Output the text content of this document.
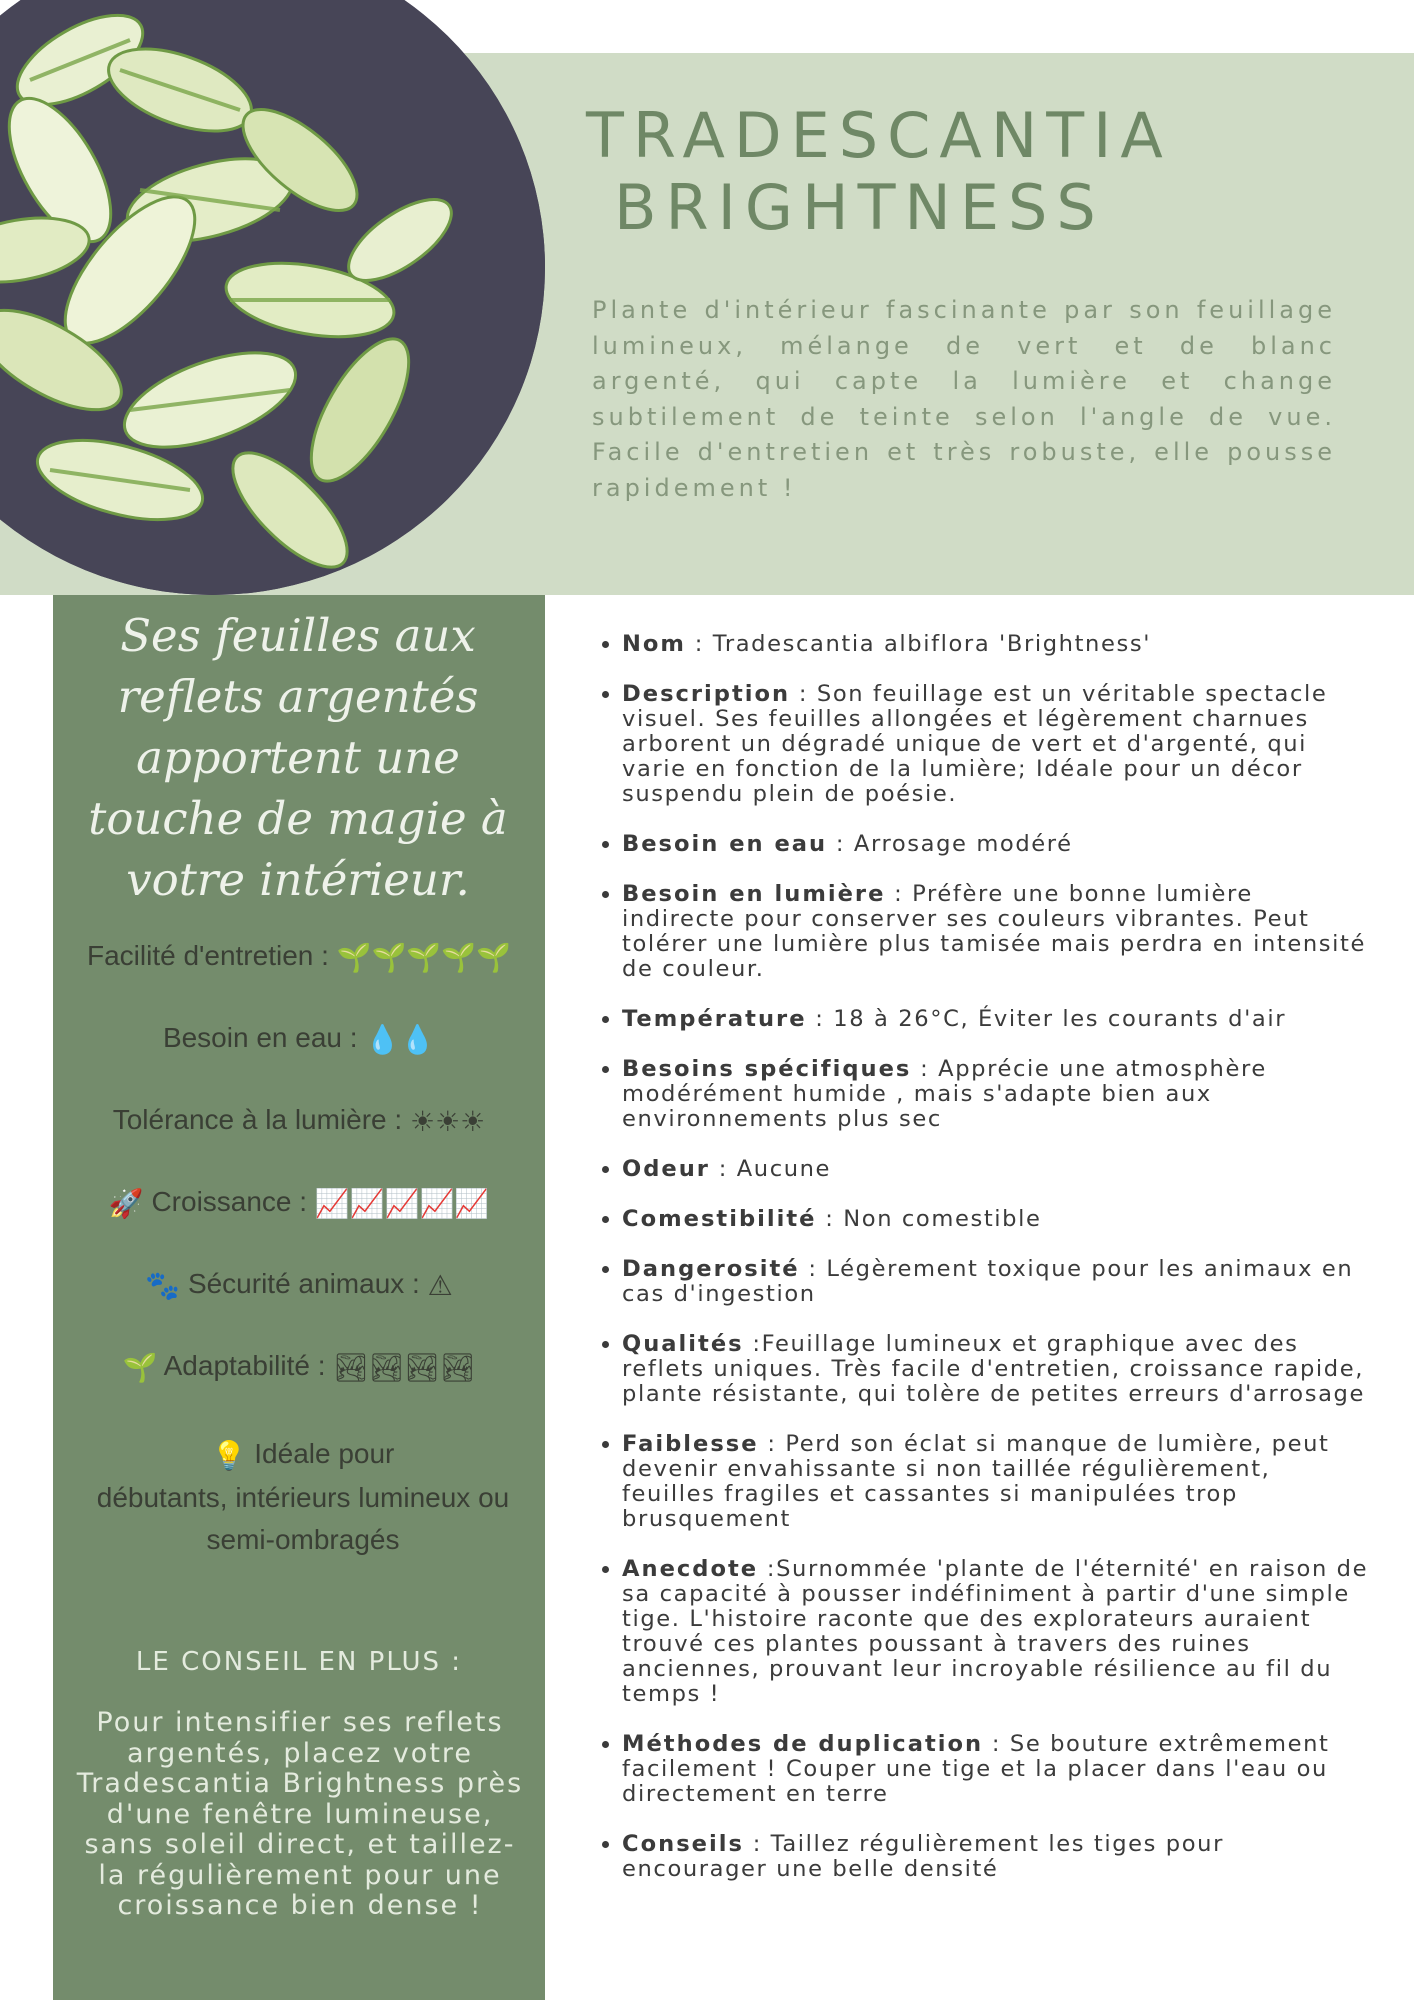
TRADESCANTIA
BRIGHTNESS
Plante d'intérieur fascinante par son feuillage lumineux, mélange de vert et de blanc argenté, qui capte la lumière et change subtilement de teinte selon l'angle de vue. Facile d'entretien et très robuste, elle pousse rapidement !
Ses feuilles aux reflets argentés apportent une touche de magie à votre intérieur.
Facilité d'entretien : 🌱🌱🌱🌱🌱
Besoin en eau : 💧💧
Tolérance à la lumière : ☀☀☀
🚀 Croissance : 📈📈📈📈📈
🐾 Sécurité animaux : ⚠
🌱 Adaptabilité : 🏞🏞🏞🏞
💡 Idéale pour
débutants, intérieurs lumineux ou
semi-ombragés
LE CONSEIL EN PLUS :
Pour intensifier ses reflets argentés, placez votre Tradescantia Brightness près d'une fenêtre lumineuse, sans soleil direct, et taillez-la régulièrement pour une croissance bien dense !
• Nom : Tradescantia albiflora 'Brightness'
• Description : Son feuillage est un véritable spectacle visuel. Ses feuilles allongées et légèrement charnues arborent un dégradé unique de vert et d'argenté, qui varie en fonction de la lumière; Idéale pour un décor suspendu plein de poésie.
• Besoin en eau : Arrosage modéré
• Besoin en lumière : Préfère une bonne lumière indirecte pour conserver ses couleurs vibrantes. Peut tolérer une lumière plus tamisée mais perdra en intensité de couleur.
• Température : 18 à 26°C, Éviter les courants d'air
• Besoins spécifiques : Apprécie une atmosphère modérément humide , mais s'adapte bien aux environnements plus sec
• Odeur : Aucune
• Comestibilité : Non comestible
• Dangerosité : Légèrement toxique pour les animaux en cas d'ingestion
• Qualités :Feuillage lumineux et graphique avec des reflets uniques. Très facile d'entretien, croissance rapide, plante résistante, qui tolère de petites erreurs d'arrosage
• Faiblesse : Perd son éclat si manque de lumière, peut devenir envahissante si non taillée régulièrement, feuilles fragiles et cassantes si manipulées trop brusquement
• Anecdote :Surnommée 'plante de l'éternité' en raison de sa capacité à pousser indéfiniment à partir d'une simple tige. L'histoire raconte que des explorateurs auraient trouvé ces plantes poussant à travers des ruines anciennes, prouvant leur incroyable résilience au fil du temps !
• Méthodes de duplication : Se bouture extrêmement facilement ! Couper une tige et la placer dans l'eau ou directement en terre
• Conseils : Taillez régulièrement les tiges pour encourager une belle densité
